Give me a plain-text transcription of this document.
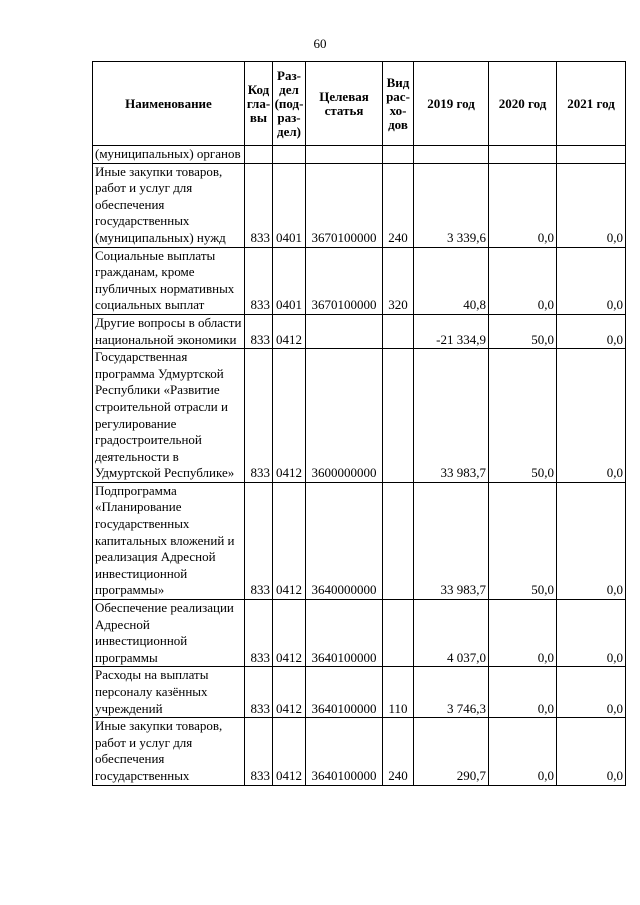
60
Наименование	Код гла-вы	Раз-дел (под-раз-дел)	Целевая статья	Вид рас-хо-дов	2019 год	2020 год	2021 год
(муниципальных) органов							
Иные закупки товаров, работ и услуг для обеспечения государственных (муниципальных) нужд	833	0401	3670100000	240	3 339,6	0,0	0,0
Социальные выплаты гражданам, кроме публичных нормативных социальных выплат	833	0401	3670100000	320	40,8	0,0	0,0
Другие вопросы в области национальной экономики	833	0412			-21 334,9	50,0	0,0
Государственная программа Удмуртской Республики «Развитие строительной отрасли и регулирование градостроительной деятельности в Удмуртской Республике»	833	0412	3600000000		33 983,7	50,0	0,0
Подпрограмма «Планирование государственных капитальных вложений и реализация Адресной инвестиционной программы»	833	0412	3640000000		33 983,7	50,0	0,0
Обеспечение реализации Адресной инвестиционной программы	833	0412	3640100000		4 037,0	0,0	0,0
Расходы на выплаты персоналу казённых учреждений	833	0412	3640100000	110	3 746,3	0,0	0,0
Иные закупки товаров, работ и услуг для обеспечения государственных	833	0412	3640100000	240	290,7	0,0	0,0
